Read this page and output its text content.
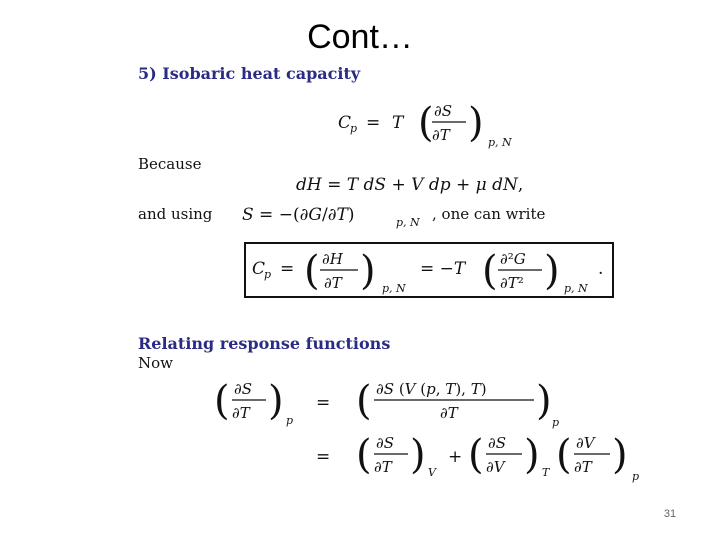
Cont…
5) Isobaric heat capacity
C
p = T ( ∂S
∂T ) p, N
Because
dH = T dS + V dp + μ dN,
and using S = −(∂G/∂T)	p, N , one can write
C
p = ( ∂H
∂T ) p, N
= −T ( ∂²G
∂T² ) p, N
.
Relating response functions
Now
( ∂S
∂T ) p
= ( ∂S (V (p, T), T)
∂T ) p
= ( ∂S
∂T ) V
+ ( ∂S
∂V ) T ( ∂V
∂T ) p
31
